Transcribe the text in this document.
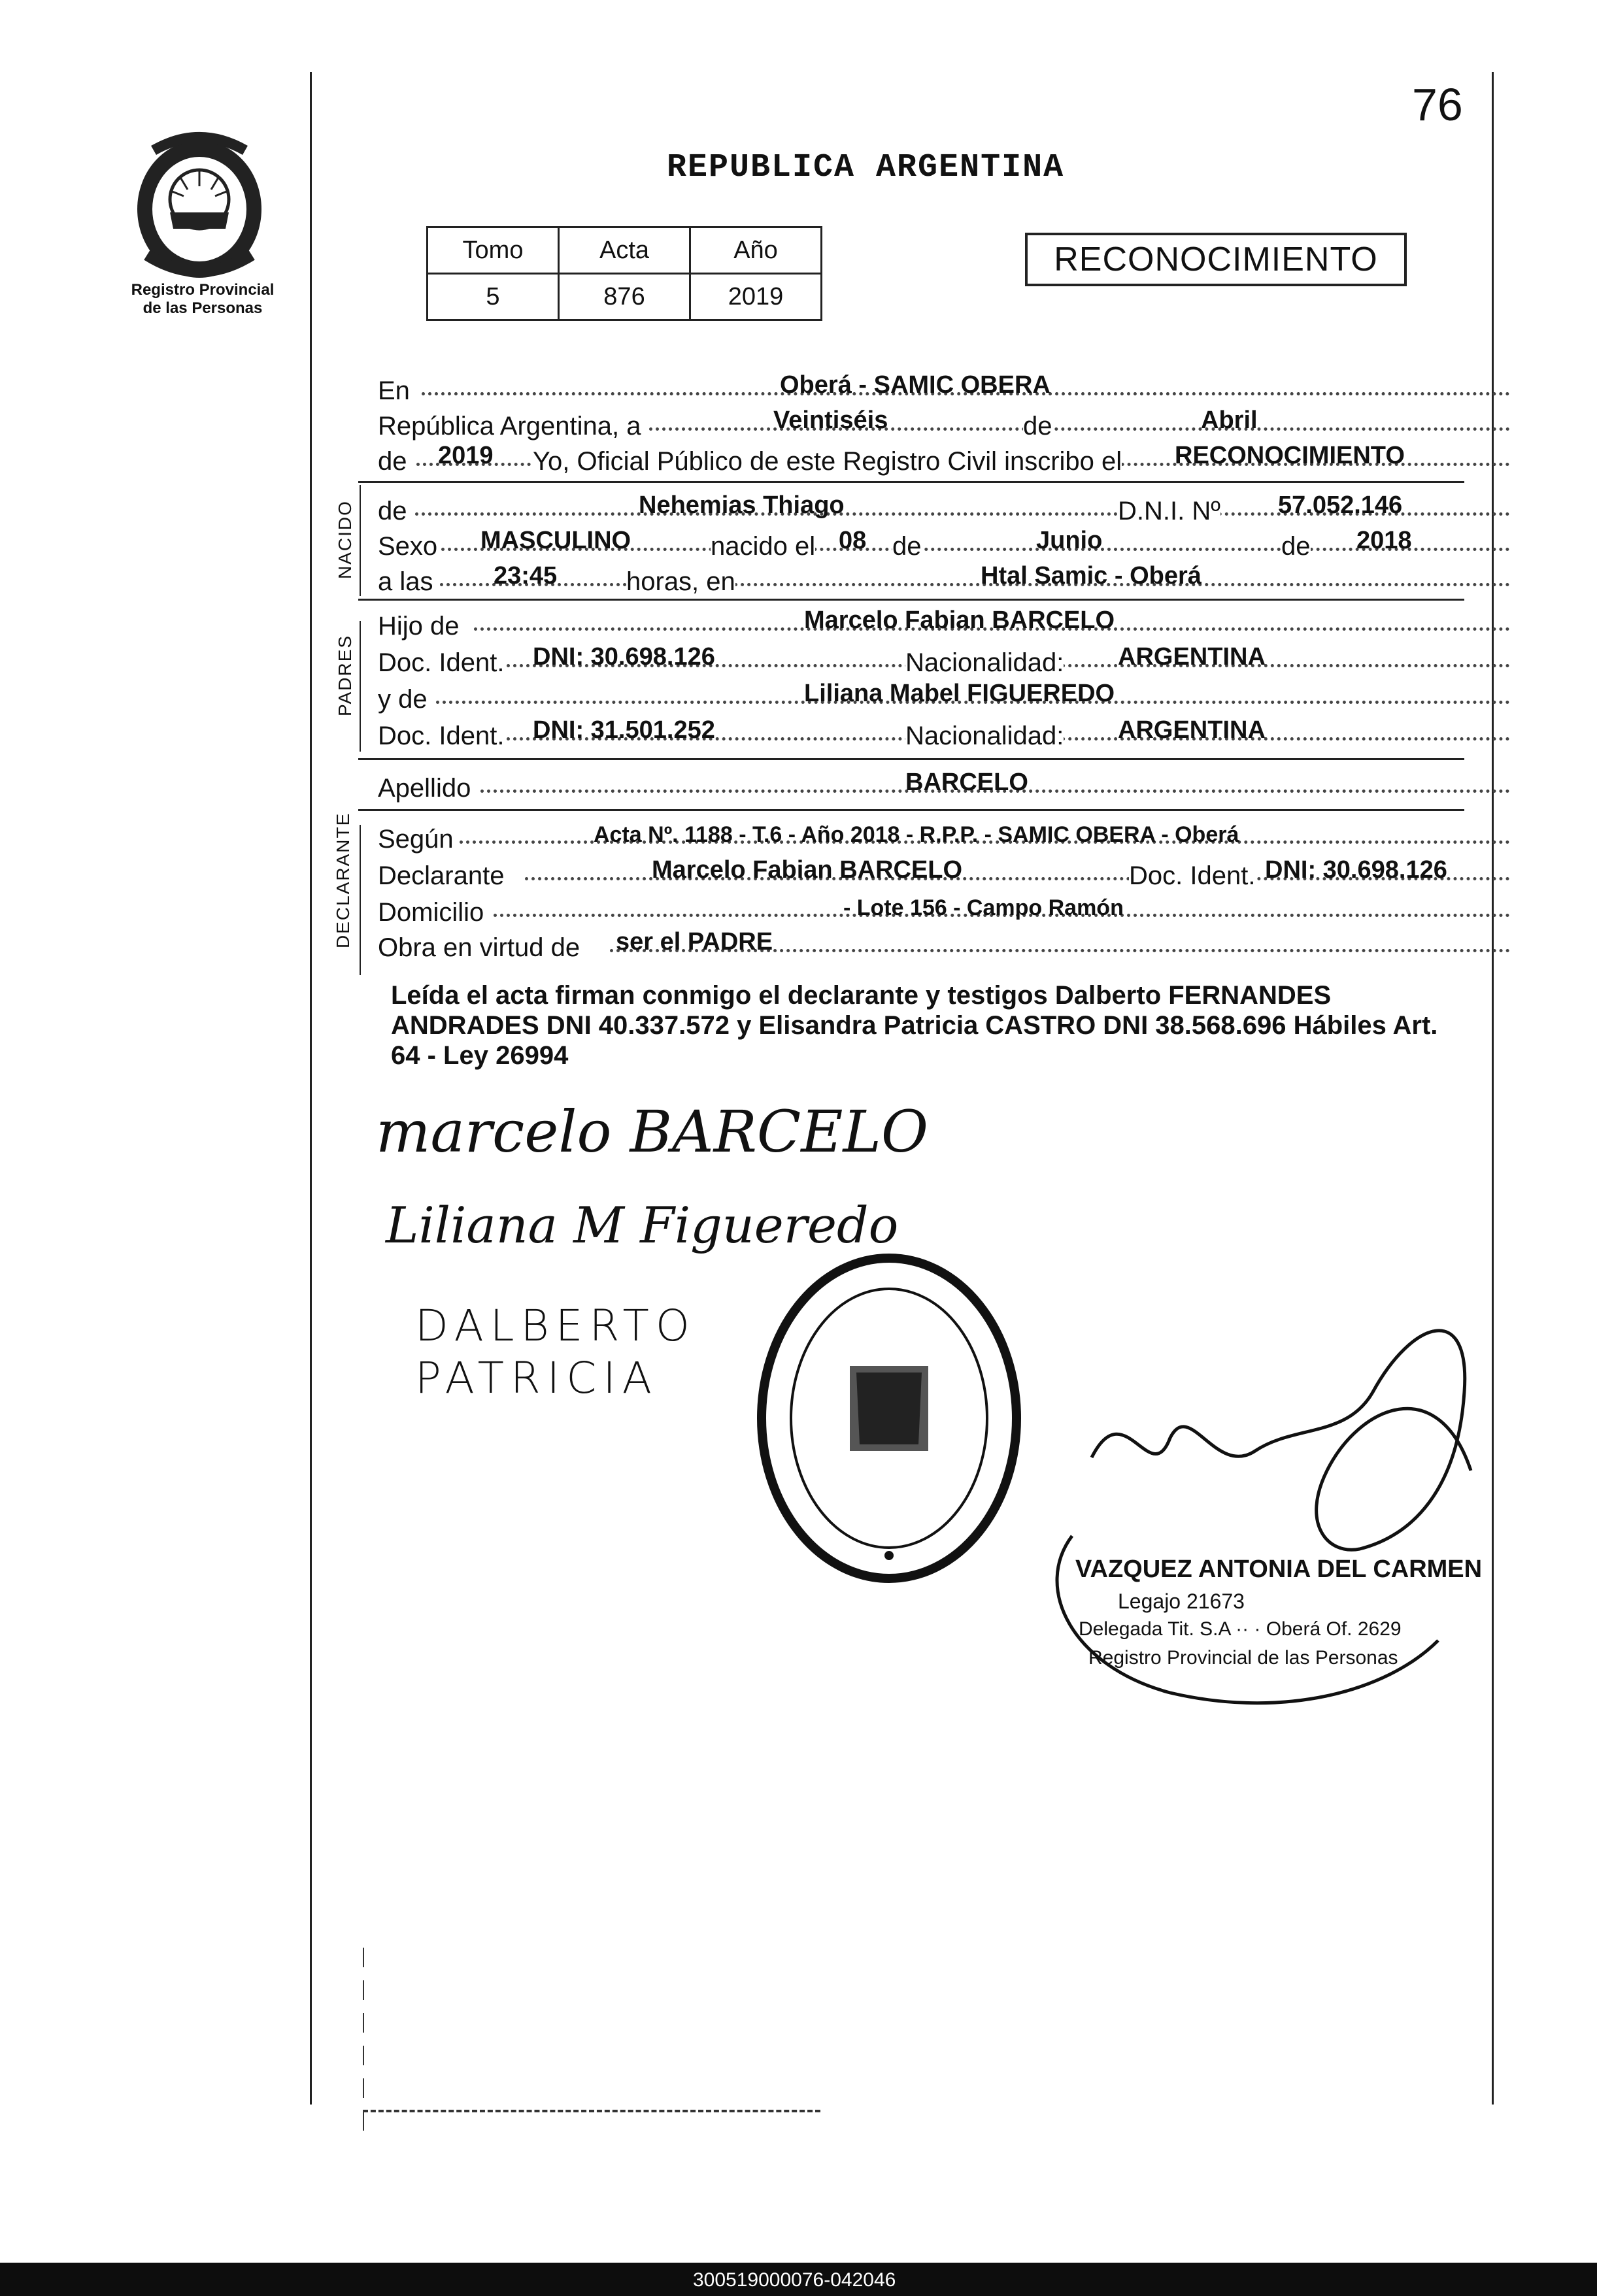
76
REPUBLICA ARGENTINA
Registro Provincial
de las Personas
Tomo	Acta	Año
5	876	2019
RECONOCIMIENTO
En	Oberá - SAMIC OBERA
República Argentina, a	Veintiséis	de	Abril
de 2019 Yo, Oficial Público de este Registro Civil inscribo el RECONOCIMIENTO
NACIDO de	Nehemias Thiago	D.N.I. Nº 57.052.146
Sexo MASCULINO	nacido el 08 de	Junio	de 2018
a las 23:45	horas, en	Htal Samic - Oberá
PADRES
Hijo de	Marcelo Fabian BARCELO
Doc. Ident. DNI: 30.698.126	Nacionalidad: ARGENTINA
y de	Liliana Mabel FIGUEREDO
Doc. Ident. DNI: 31.501.252	Nacionalidad: ARGENTINA
Apellido	BARCELO
DECLARANTE Según	Acta Nº. 1188 - T.6 - Año 2018 - R.P.P. - SAMIC OBERA - Oberá
Declarante	Marcelo Fabian BARCELO	Doc. Ident. DNI: 30.698.126
Domicilio	- Lote 156 - Campo Ramón
Obra en virtud de ser el PADRE
Leída el acta firman conmigo el declarante y testigos Dalberto FERNANDES ANDRADES DNI 40.337.572 y Elisandra Patricia CASTRO DNI 38.568.696 Hábiles Art. 64 - Ley 26994
marcelo BARCELO
Liliana M Figueredo
DALBERTO
PATRICIA
VAZQUEZ ANTONIA DEL CARMEN
Legajo 21673
Delegada Tit. S.A ·· · Oberá Of. 2629
Registro Provincial de las Personas
300519000076-042046
